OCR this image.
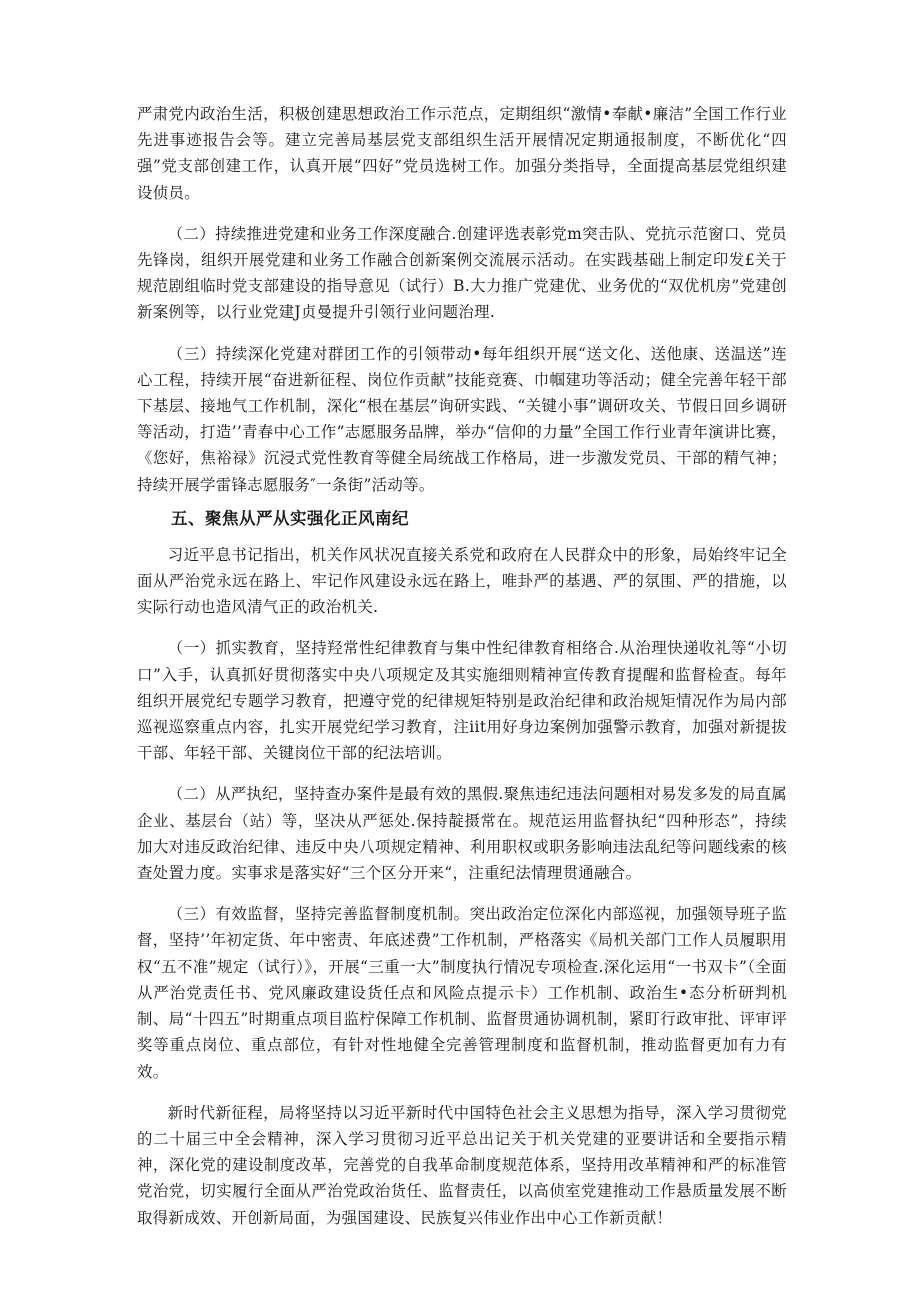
严肃党内政治生活，积极创建思想政治工作示范点，定期组织“激情•奉献•廉洁”全国工作行业先进事迹报告会等。建立完善局基层党支部组织生活开展情况定期通报制度，不断优化“四强”党支部创建工作，认真开展“四好”党员选树工作。加强分类指导，全面提高基层党组织建设侦员。

（二）持续推进党建和业务工作深度融合.创建评选表彰党m突击队、党抗示范窗口、党员先锋岗，组织开展党建和业务工作融合创新案例交流展示活动。在实践基础上制定印发£关于规范剧组临时党支部建设的指导意见（试行）B.大力推广党建优、业务优的“双优机房”党建创新案例等，以行业党建J贞曼提升引领行业问题治理.

（三）持续深化党建对群团工作的引领带动•每年组织开展“送文化、送他康、送温送”连心工程，持续开展“奋进新征程、岗位作贡献”技能竞赛、巾帼建功等活动；健全完善年轻干部下基层、接地气工作机制，深化“根在基层”询研实践、“关键小事”调研攻关、节假日回乡调研等活动，打造’’青春中心工作”志愿服务品牌，举办“信仰的力量”全国工作行业青年演讲比赛，《您好，焦裕禄》沉浸式党性教育等健全局统战工作格局，进一步激发党员、干部的精气神；持续开展学雷锋志愿服务″一条街”活动等。

五、聚焦从严从实强化正风南纪

习近平息书记指出，机关作风状况直接关系党和政府在人民群众中的形象，局始终牢记全面从严治党永远在路上、牢记作风建设永远在路上，唯卦严的基遇、严的氛围、严的措施，以实际行动也造风清气正的政治机关.

（一）抓实教育，坚持羟常性纪律教育与集中性纪律教育相络合.从治理快递收礼等“小切口”入手，认真抓好贯彻落实中央八项规定及其实施细则精神宣传教育提醒和监督检查。每年组织开展党纪专题学习教育，把遵守党的纪律规矩特别是政治纪律和政治规矩情况作为局内部巡视巡察重点内容，扎实开展党纪学习教育，注iit用好身边案例加强警示教育，加强对新提拔干部、年轻干部、关键岗位干部的纪法培训。

（二）从严执纪，坚持查办案件是最有效的黑假.聚焦违纪违法问题相对易发多发的局直属企业、基层台（站）等，坚决从严惩处.保持靛摄常在。规范运用监督执纪“四种形态”，持续加大对违反政治纪律、违反中央八项规定精神、利用职权或职务影响违法乱纪等问题线索的核查处置力度。实事求是落实好“三个区分开来“，注重纪法情理贯通融合。

（三）有效监督，坚持完善监督制度机制。突出政治定位深化内部巡视，加强领导班子监督，坚持’’年初定货、年中密责、年底述费”工作机制，严格落实《局机关部门工作人员履职用权“五不准”规定（试行）》，开展“三重一大”制度执行情况专项检查.深化运用“一书双卡”（全面从严治党责任书、党风廉政建设货任点和风险点提示卡）工作机制、政治生•态分析研判机制、局“十四五”时期重点项目监柠保障工作机制、监督贯通协调机制，紧盯行政审批、评审评奖等重点岗位、重点部位，有针对性地健全完善管理制度和监督机制，推动监督更加有力有效。

新时代新征程，局将坚持以习近平新时代中国特色社会主义思想为指导，深入学习贯彻党的二十届三中全会精神，深入学习贯彻习近平总出记关于机关党建的亚要讲话和全要指示精神，深化党的建设制度改革，完善党的自我革命制度规范体系，坚持用改革精神和严的标准管党治党，切实履行全面从严治党政治货任、监督责任，以高侦室党建推动工作悬质量发展不断取得新成效、开创新局面，为强国建设、民族复兴伟业作出中心工作新贡献！
